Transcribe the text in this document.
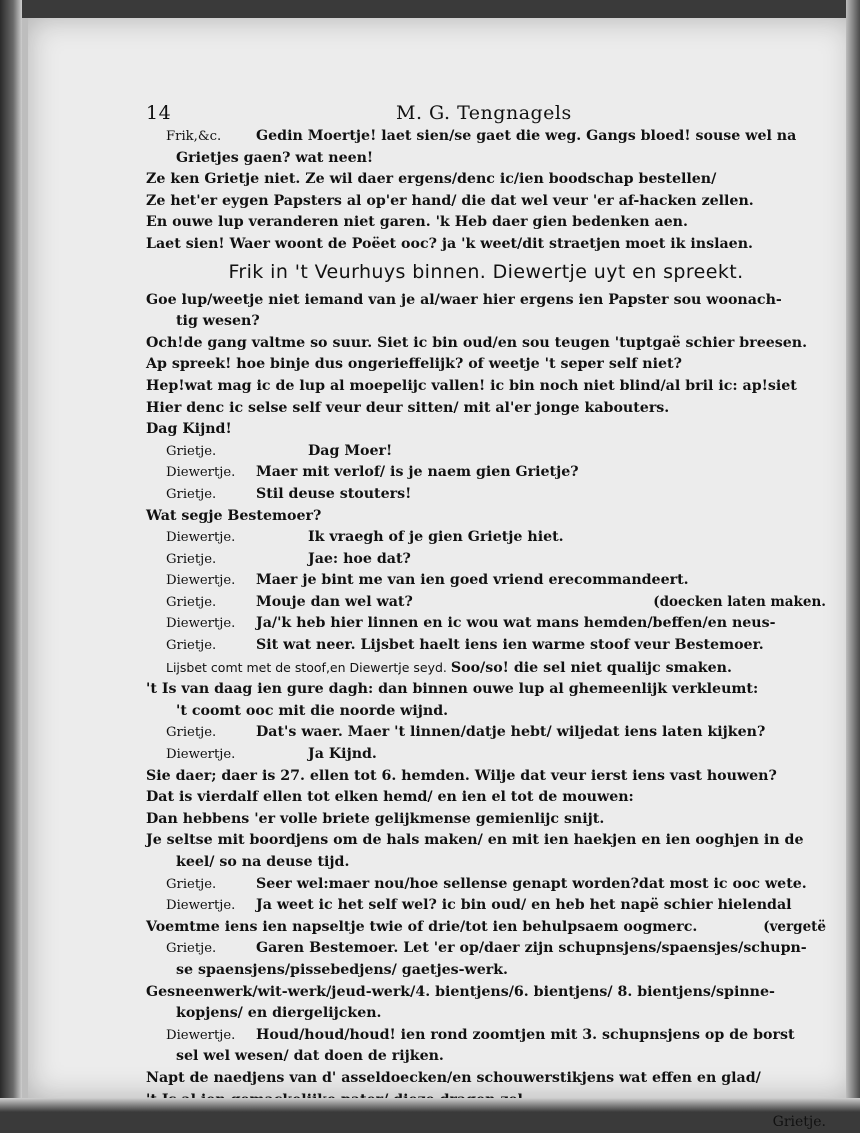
14	M. G. Tengnagels
Frik,&c. Gedin Moertje! laet sien/se gaet die weg. Gangs bloed! souse wel na
Grietjes gaen? wat neen!
Ze ken Grietje niet. Ze wil daer ergens/denc ic/ien boodschap bestellen/
Ze het'er eygen Papsters al op'er hand/ die dat wel veur 'er af-hacken zellen.
En ouwe lup veranderen niet garen. 'k Heb daer gien bedenken aen.
Laet sien! Waer woont de Poëet ooc? ja 'k weet/dit straetjen moet ik inslaen.
Frik in 't Veurhuys binnen. Diewertje uyt en spreekt.
Goe lup/weetje niet iemand van je al/waer hier ergens ien Papster sou woonach-
tig wesen?
Och!de gang valtme so suur. Siet ic bin oud/en sou teugen 'tuptgaë schier breesen.
Ap spreek! hoe binje dus ongerieffelijk? of weetje 't seper self niet?
Hep!wat mag ic de lup al moepelijc vallen! ic bin noch niet blind/al bril ic: ap!siet
Hier denc ic selse self veur deur sitten/ mit al'er jonge kabouters.
Dag Kijnd!
Grietje.	Dag Moer!
Diewertje. Maer mit verlof/ is je naem gien Grietje?
Grietje.	Stil deuse stouters!
Wat segje Bestemoer?
Diewertje.	Ik vraegh of je gien Grietje hiet.
Grietje.	Jae: hoe dat?
Diewertje. Maer je bint me van ien goed vriend erecommandeert.
Grietje.	Mouje dan wel wat?	(doecken laten maken.
Diewertje. Ja/'k heb hier linnen en ic wou wat mans hemden/beffen/en neus-
Grietje.	Sit wat neer. Lijsbet haelt iens ien warme stoof veur Bestemoer.
Lijsbet comt met de stoof,en Diewertje seyd. Soo/so! die sel niet qualijc smaken.
't Is van daag ien gure dagh: dan binnen ouwe lup al ghemeenlijk verkleumt:
't coomt ooc mit die noorde wijnd.
Grietje.	Dat's waer. Maer 't linnen/datje hebt/ wiljedat iens laten kijken?
Diewertje.	Ja Kijnd.
Sie daer; daer is 27. ellen tot 6. hemden. Wilje dat veur ierst iens vast houwen?
Dat is vierdalf ellen tot elken hemd/ en ien el tot de mouwen:
Dan hebbens 'er volle briete gelijkmense gemienlijc snijt.
Je seltse mit boordjens om de hals maken/ en mit ien haekjen en ien ooghjen in de
keel/ so na deuse tijd.
Grietje.	Seer wel:maer nou/hoe sellense genapt worden?dat most ic ooc wete.
Diewertje. Ja weet ic het self wel? ic bin oud/ en heb het napë schier hielendal
Voemtme iens ien napseltje twie of drie/tot ien behulpsaem oogmerc.	(vergetë
Grietje.	Garen Bestemoer. Let 'er op/daer zijn schupnsjens/spaensjes/schupn-
se spaensjens/pissebedjens/ gaetjes-werk.
Gesneenwerk/wit-werk/jeud-werk/4. bientjens/6. bientjens/ 8. bientjens/spinne-
kopjens/ en diergelijcken.
Diewertje. Houd/houd/houd! ien rond zoomtjen mit 3. schupnsjens op de borst
sel wel wesen/ dat doen de rijken.
Napt de naedjens van d' asseldoecken/en schouwerstikjens wat effen en glad/
't Is al ien gemackelijke pater/ dieze dragen zel.
